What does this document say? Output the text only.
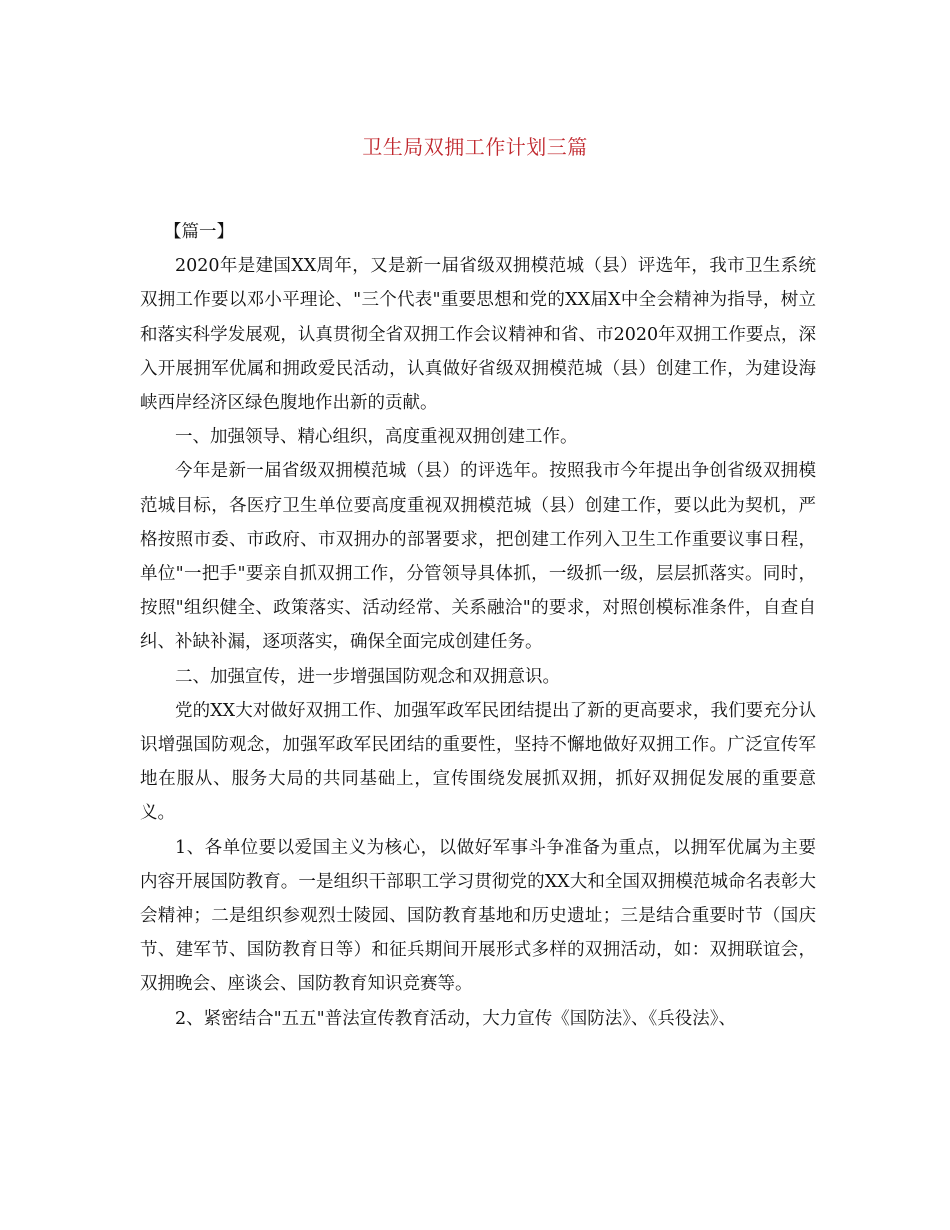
卫生局双拥工作计划三篇
【篇一】

2020年是建国XX周年，又是新一届省级双拥模范城（县）评选年，我市卫生系统双拥工作要以邓小平理论、"三个代表"重要思想和党的XX届X中全会精神为指导，树立和落实科学发展观，认真贯彻全省双拥工作会议精神和省、市2020年双拥工作要点，深入开展拥军优属和拥政爱民活动，认真做好省级双拥模范城（县）创建工作，为建设海峡西岸经济区绿色腹地作出新的贡献。

一、加强领导、精心组织，高度重视双拥创建工作。

今年是新一届省级双拥模范城（县）的评选年。按照我市今年提出争创省级双拥模范城目标，各医疗卫生单位要高度重视双拥模范城（县）创建工作，要以此为契机，严格按照市委、市政府、市双拥办的部署要求，把创建工作列入卫生工作重要议事日程，单位"一把手"要亲自抓双拥工作，分管领导具体抓，一级抓一级，层层抓落实。同时，按照"组织健全、政策落实、活动经常、关系融洽"的要求，对照创模标准条件，自查自纠、补缺补漏，逐项落实，确保全面完成创建任务。

二、加强宣传，进一步增强国防观念和双拥意识。

党的XX大对做好双拥工作、加强军政军民团结提出了新的更高要求，我们要充分认识增强国防观念，加强军政军民团结的重要性，坚持不懈地做好双拥工作。广泛宣传军地在服从、服务大局的共同基础上，宣传围绕发展抓双拥，抓好双拥促发展的重要意义。

1、各单位要以爱国主义为核心，以做好军事斗争准备为重点，以拥军优属为主要内容开展国防教育。一是组织干部职工学习贯彻党的XX大和全国双拥模范城命名表彰大会精神；二是组织参观烈士陵园、国防教育基地和历史遗址；三是结合重要时节（国庆节、建军节、国防教育日等）和征兵期间开展形式多样的双拥活动，如：双拥联谊会，双拥晚会、座谈会、国防教育知识竞赛等。

2、紧密结合"五五"普法宣传教育活动，大力宣传《国防法》、《兵役法》、
